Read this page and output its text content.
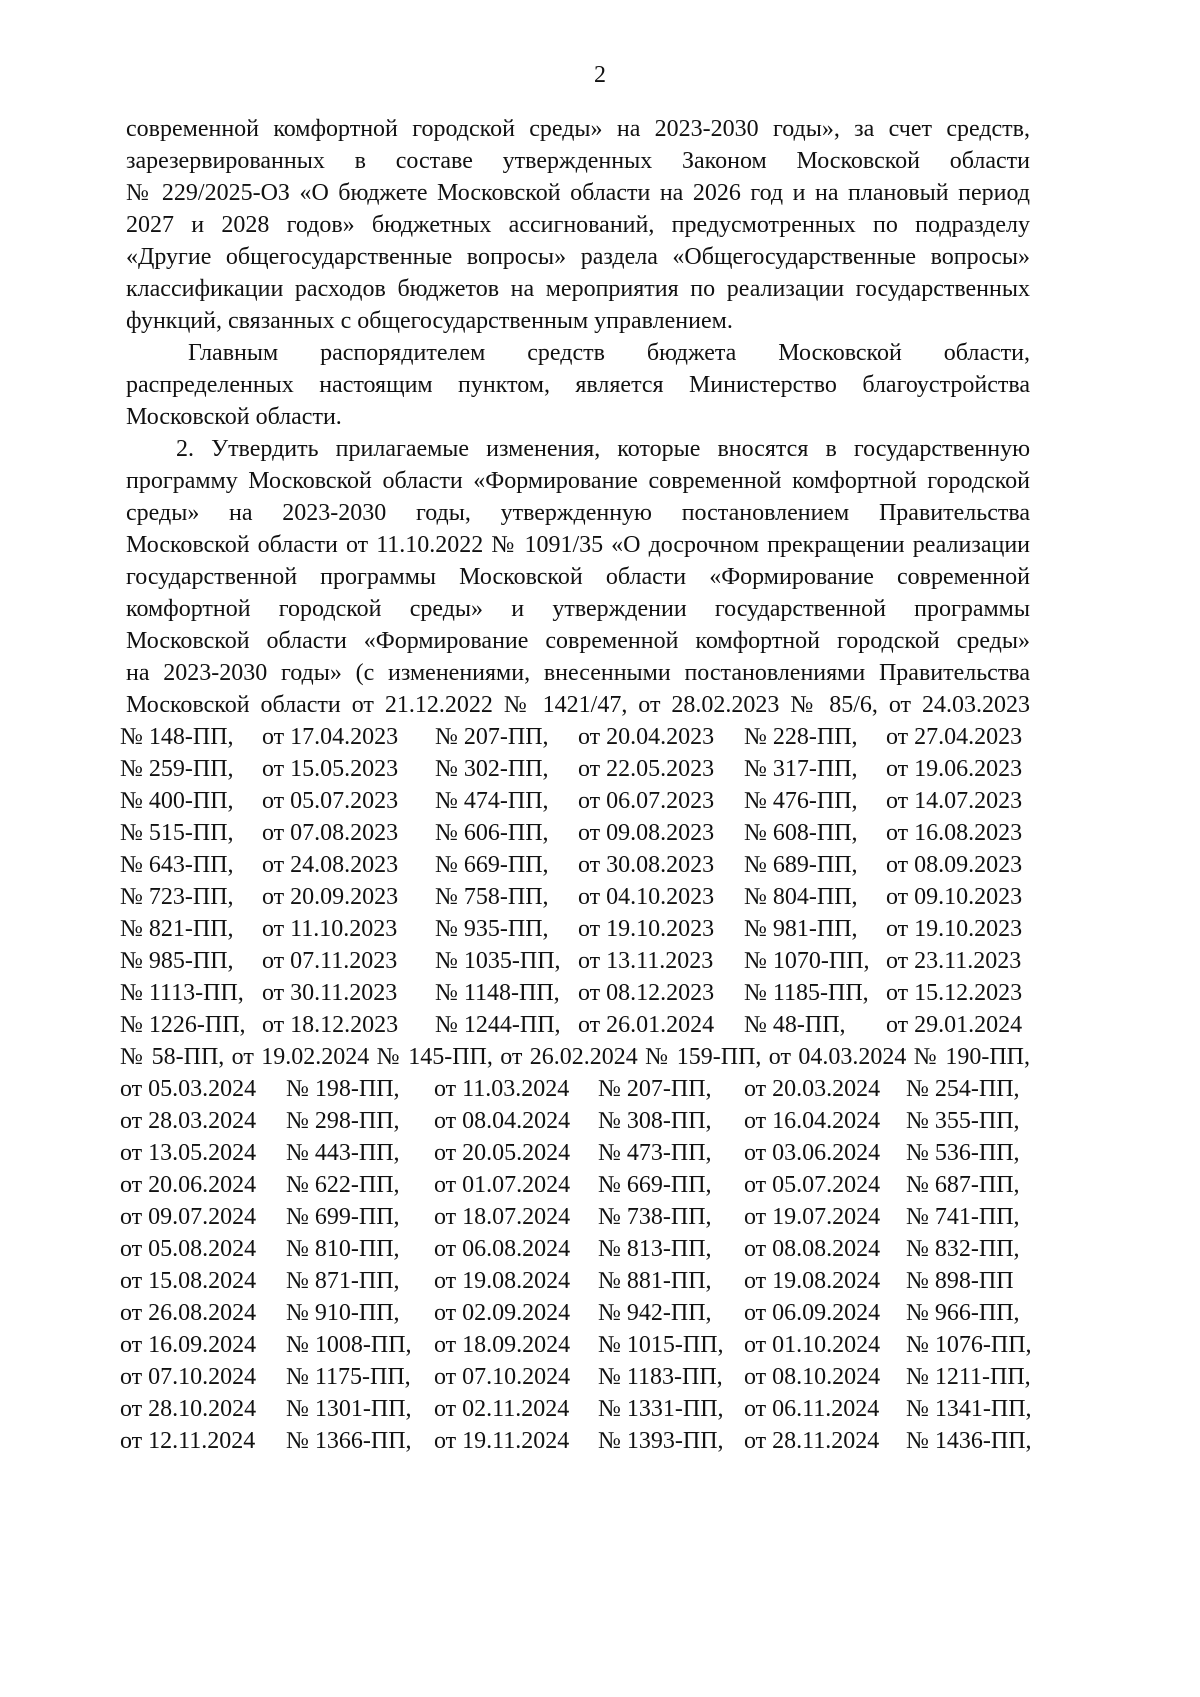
2
современной комфортной городской среды» на 2023-2030 годы», за счет средств,
зарезервированных в составе утвержденных Законом Московской области
№ 229/2025-ОЗ «О бюджете Московской области на 2026 год и на плановый период
2027 и 2028 годов» бюджетных ассигнований, предусмотренных по подразделу
«Другие общегосударственные вопросы» раздела «Общегосударственные вопросы»
классификации расходов бюджетов на мероприятия по реализации государственных
функций, связанных с общегосударственным управлением.
Главным распорядителем средств бюджета Московской области,
распределенных настоящим пунктом, является Министерство благоустройства
Московской области.
2. Утвердить прилагаемые изменения, которые вносятся в государственную
программу Московской области «Формирование современной комфортной городской
среды» на 2023-2030 годы, утвержденную постановлением Правительства
Московской области от 11.10.2022 № 1091/35 «О досрочном прекращении реализации
государственной программы Московской области «Формирование современной
комфортной городской среды» и утверждении государственной программы
Московской области «Формирование современной комфортной городской среды»
на 2023-2030 годы» (с изменениями, внесенными постановлениями Правительства
Московской области от 21.12.2022 № 1421/47, от 28.02.2023 № 85/6, от 24.03.2023
№ 148-ПП, от 17.04.2023 № 207-ПП, от 20.04.2023 № 228-ПП, от 27.04.2023
№ 259-ПП, от 15.05.2023 № 302-ПП, от 22.05.2023 № 317-ПП, от 19.06.2023
№ 400-ПП, от 05.07.2023 № 474-ПП, от 06.07.2023 № 476-ПП, от 14.07.2023
№ 515-ПП, от 07.08.2023 № 606-ПП, от 09.08.2023 № 608-ПП, от 16.08.2023
№ 643-ПП, от 24.08.2023 № 669-ПП, от 30.08.2023 № 689-ПП, от 08.09.2023
№ 723-ПП, от 20.09.2023 № 758-ПП, от 04.10.2023 № 804-ПП, от 09.10.2023
№ 821-ПП, от 11.10.2023 № 935-ПП, от 19.10.2023 № 981-ПП, от 19.10.2023
№ 985-ПП, от 07.11.2023 № 1035-ПП, от 13.11.2023 № 1070-ПП, от 23.11.2023
№ 1113-ПП, от 30.11.2023 № 1148-ПП, от 08.12.2023 № 1185-ПП, от 15.12.2023
№ 1226-ПП, от 18.12.2023 № 1244-ПП, от 26.01.2024 № 48-ПП, от 29.01.2024
№ 58-ПП, от 19.02.2024 № 145-ПП, от 26.02.2024 № 159-ПП, от 04.03.2024 № 190-ПП,
от 05.03.2024 № 198-ПП, от 11.03.2024 № 207-ПП, от 20.03.2024 № 254-ПП,
от 28.03.2024 № 298-ПП, от 08.04.2024 № 308-ПП, от 16.04.2024 № 355-ПП,
от 13.05.2024 № 443-ПП, от 20.05.2024 № 473-ПП, от 03.06.2024 № 536-ПП,
от 20.06.2024 № 622-ПП, от 01.07.2024 № 669-ПП, от 05.07.2024 № 687-ПП,
от 09.07.2024 № 699-ПП, от 18.07.2024 № 738-ПП, от 19.07.2024 № 741-ПП,
от 05.08.2024 № 810-ПП, от 06.08.2024 № 813-ПП, от 08.08.2024 № 832-ПП,
от 15.08.2024 № 871-ПП, от 19.08.2024 № 881-ПП, от 19.08.2024 № 898-ПП
от 26.08.2024 № 910-ПП, от 02.09.2024 № 942-ПП, от 06.09.2024 № 966-ПП,
от 16.09.2024 № 1008-ПП, от 18.09.2024 № 1015-ПП, от 01.10.2024 № 1076-ПП,
от 07.10.2024 № 1175-ПП, от 07.10.2024 № 1183-ПП, от 08.10.2024 № 1211-ПП,
от 28.10.2024 № 1301-ПП, от 02.11.2024 № 1331-ПП, от 06.11.2024 № 1341-ПП,
от 12.11.2024 № 1366-ПП, от 19.11.2024 № 1393-ПП, от 28.11.2024 № 1436-ПП,
